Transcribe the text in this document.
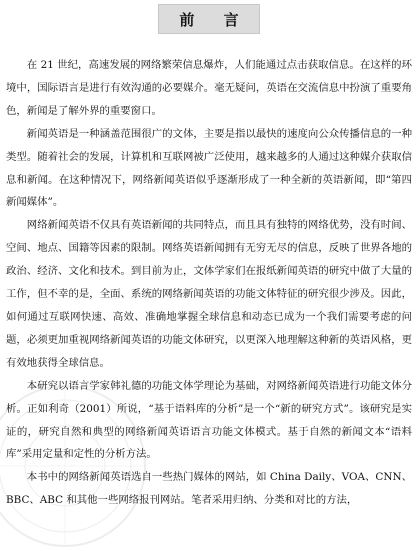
前 言

在 21 世纪，高速发展的网络繁荣信息爆炸，人们能通过点击获取信息。在这样的环境中，国际语言是进行有效沟通的必要媒介。毫无疑问，英语在交流信息中扮演了重要角色，新闻是了解外界的重要窗口。

新闻英语是一种涵盖范围很广的文体，主要是指以最快的速度向公众传播信息的一种类型。随着社会的发展，计算机和互联网被广泛使用，越来越多的人通过这种媒介获取信息和新闻。在这种情况下，网络新闻英语似乎逐渐形成了一种全新的英语新闻，即“第四新闻媒体”。

网络新闻英语不仅具有英语新闻的共同特点，而且具有独特的网络优势，没有时间、空间、地点、国籍等因素的限制。网络英语新闻拥有无穷无尽的信息，反映了世界各地的政治、经济、文化和技术。到目前为止，文体学家们在报纸新闻英语的研究中做了大量的工作，但不幸的是，全面、系统的网络新闻英语的功能文体特征的研究很少涉及。因此，如何通过互联网快速、高效、准确地掌握全球信息和动态已成为一个我们需要考虑的问题，必须更加重视网络新闻英语的功能文体研究，以更深入地理解这种新的英语风格，更有效地获得全球信息。

本研究以语言学家韩礼德的功能文体学理论为基础，对网络新闻英语进行功能文体分析。正如利奇（2001）所说，“基于语料库的分析”是一个“新的研究方式”。该研究是实证的，研究自然和典型的网络新闻英语语言功能文体模式。基于自然的新闻文本“语料库”采用定量和定性的分析方法。

本书中的网络新闻英语选自一些热门媒体的网站，如 China Daily、VOA、CNN、BBC、ABC 和其他一些网络报刊网站。笔者采用归纳、分类和对比的方法，
